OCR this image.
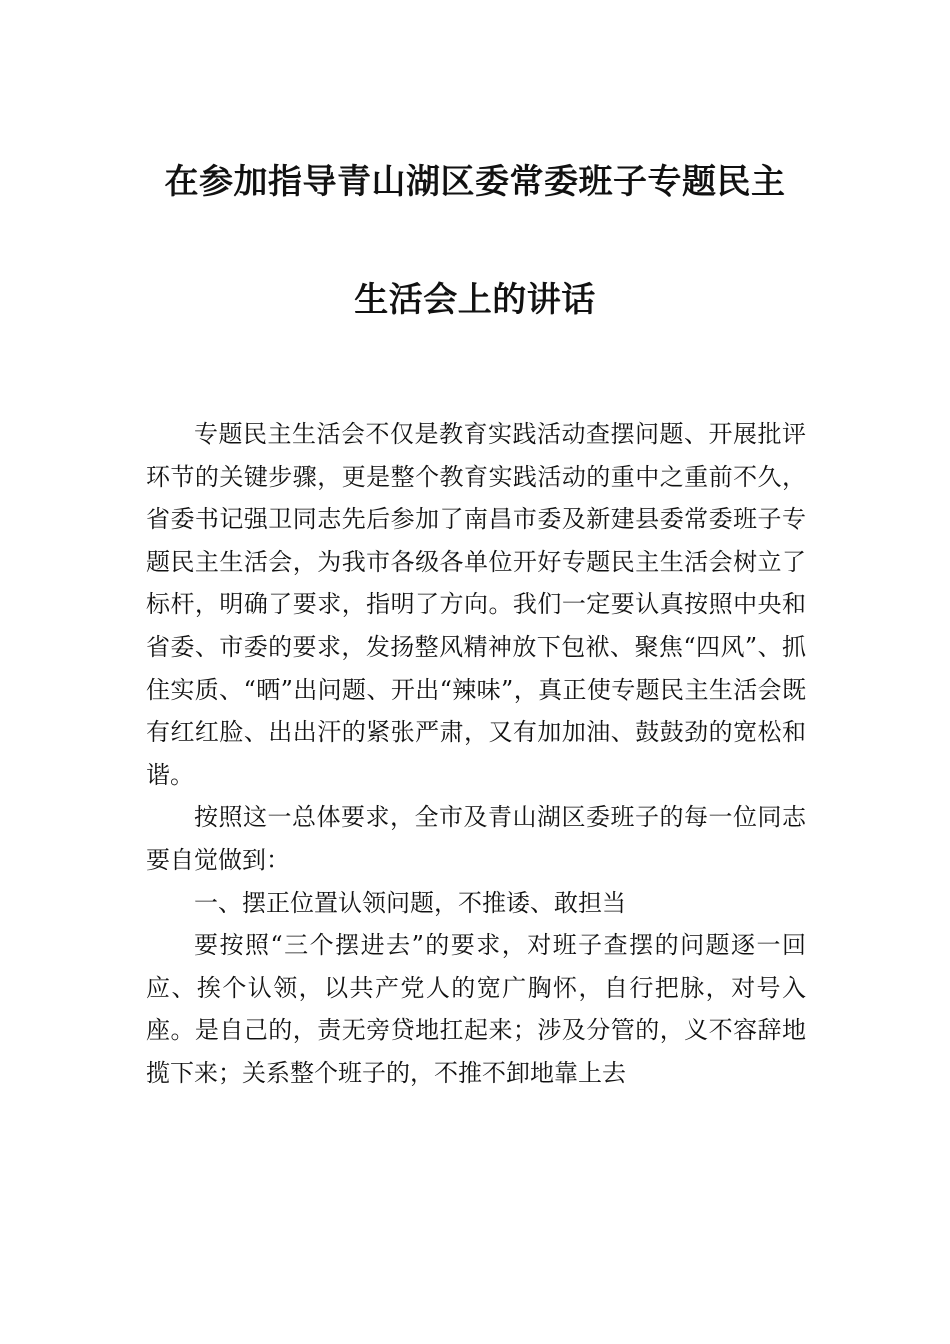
在参加指导青山湖区委常委班子专题民主
生活会上的讲话

专题民主生活会不仅是教育实践活动查摆问题、开展批评环节的关键步骤，更是整个教育实践活动的重中之重前不久，省委书记强卫同志先后参加了南昌市委及新建县委常委班子专题民主生活会，为我市各级各单位开好专题民主生活会树立了标杆，明确了要求，指明了方向。我们一定要认真按照中央和省委、市委的要求，发扬整风精神放下包袱、聚焦“四风”、抓住实质、“晒”出问题、开出“辣味”，真正使专题民主生活会既有红红脸、出出汗的紧张严肃，又有加加油、鼓鼓劲的宽松和谐。

按照这一总体要求，全市及青山湖区委班子的每一位同志要自觉做到：

一、摆正位置认领问题，不推诿、敢担当

要按照“三个摆进去”的要求，对班子查摆的问题逐一回应、挨个认领，以共产党人的宽广胸怀，自行把脉，对号入座。是自己的，责无旁贷地扛起来；涉及分管的，义不容辞地揽下来；关系整个班子的，不推不卸地靠上去
